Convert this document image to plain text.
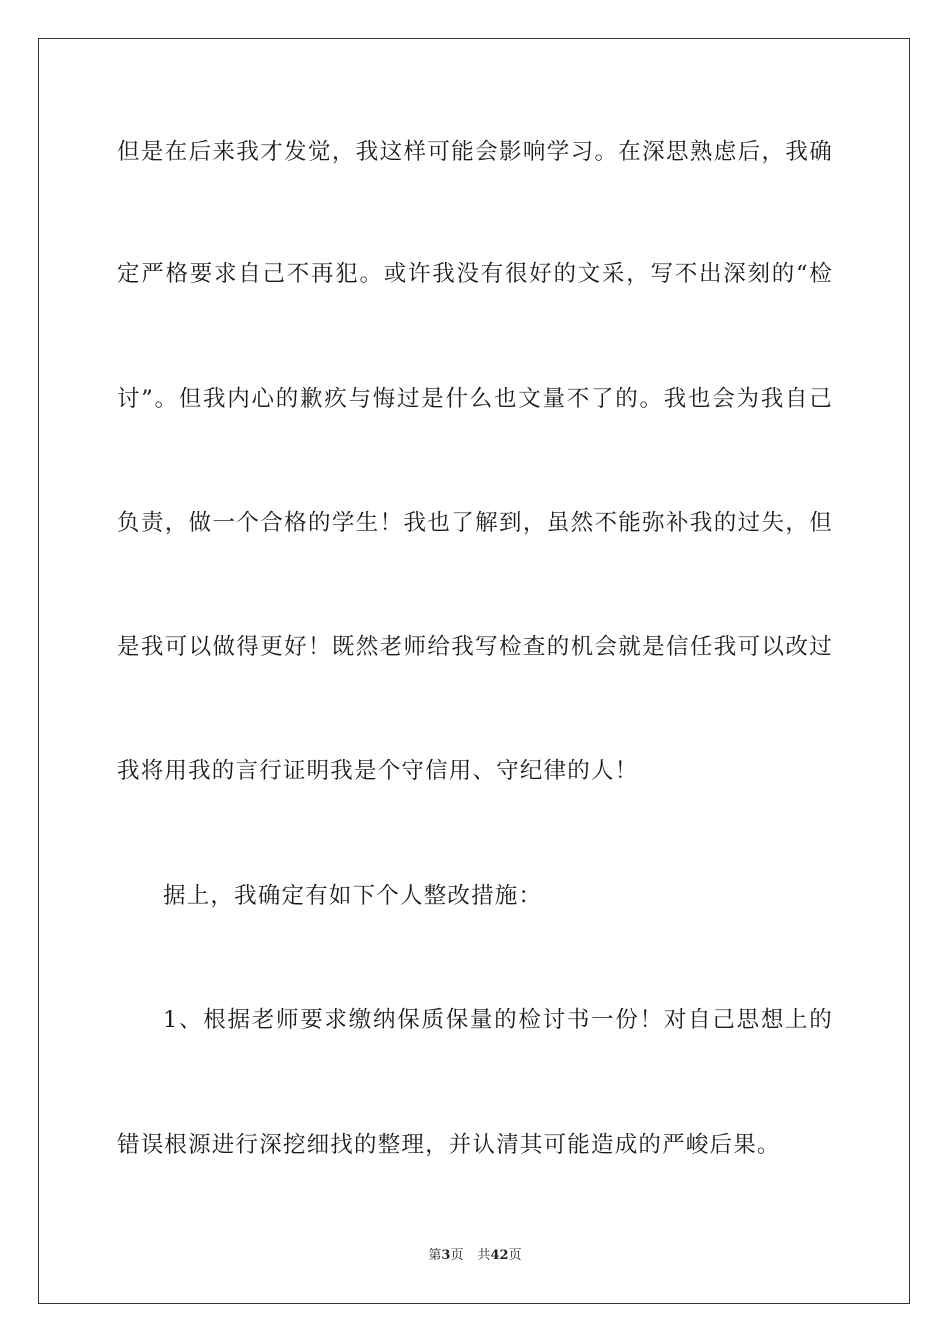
但是在后来我才发觉，我这样可能会影响学习。在深思熟虑后，我确
定严格要求自己不再犯。或许我没有很好的文采，写不出深刻的“检
讨”。但我内心的歉疚与悔过是什么也文量不了的。我也会为我自己
负责，做一个合格的学生！我也了解到，虽然不能弥补我的过失，但
是我可以做得更好！既然老师给我写检查的机会就是信任我可以改过
我将用我的言行证明我是个守信用、守纪律的人！
据上，我确定有如下个人整改措施：
1、根据老师要求缴纳保质保量的检讨书一份！对自己思想上的
错误根源进行深挖细找的整理，并认清其可能造成的严峻后果。
第3页 共42页
